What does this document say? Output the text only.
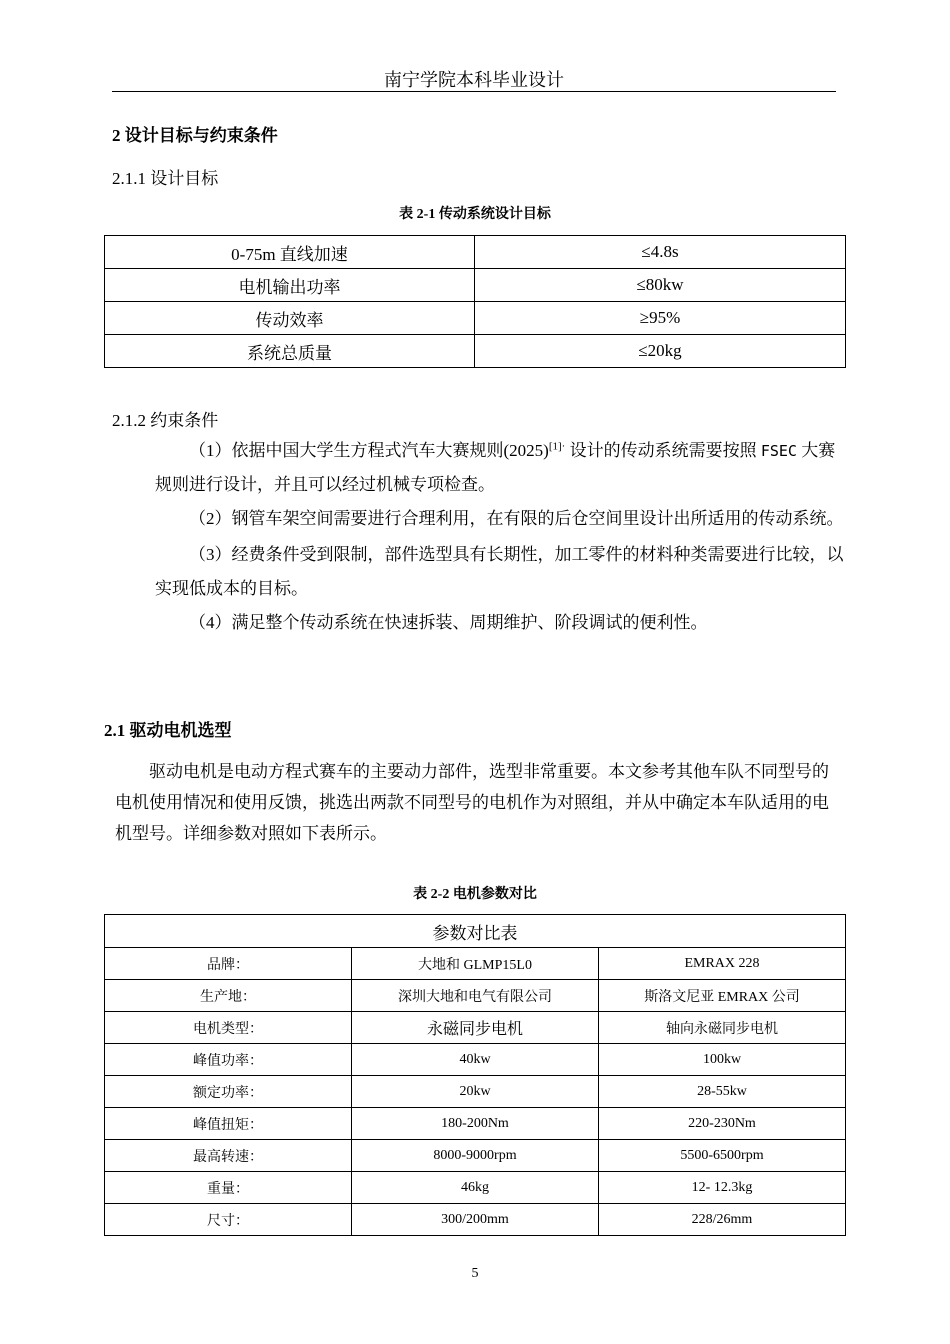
南宁学院本科毕业设计
2 设计目标与约束条件
2.1.1 设计目标
表 2-1 传动系统设计目标
0-75m 直线加速	≤4.8s
电机输出功率	≤80kw
传动效率	≥95%
系统总质量	≤20kg
2.1.2 约束条件

（1）依据中国大学生方程式汽车大赛规则$(2025)^{[1]\cdot}$ 设计的传动系统需要按照 FSEC 大赛规则进行设计，并且可以经过机械专项检查。

（2）钢管车架空间需要进行合理利用，在有限的后仓空间里设计出所适用的传动系统。

（3）经费条件受到限制，部件选型具有长期性，加工零件的材料种类需要进行比较，以实现低成本的目标。

（4）满足整个传动系统在快速拆装、周期维护、阶段调试的便利性。

2.1 驱动电机选型
驱动电机是电动方程式赛车的主要动力部件，选型非常重要。本文参考其他车队不同型号的电机使用情况和使用反馈，挑选出两款不同型号的电机作为对照组，并从中确定本车队适用的电机型号。详细参数对照如下表所示。
表 2-2 电机参数对比
参数对比表		
品牌：	大地和 GLMP15L0	EMRAX 228
生产地：	深圳大地和电气有限公司	斯洛文尼亚 EMRAX 公司
电机类型：	永磁同步电机	轴向永磁同步电机
峰值功率：	40kw	100kw
额定功率：	20kw	28-55kw
峰值扭矩：	180-200Nm	220-230Nm
最高转速：	8000-9000rpm	5500-6500rpm
重量：	46kg	12- 12.3kg
尺寸：	300/200mm	228/26mm
5
